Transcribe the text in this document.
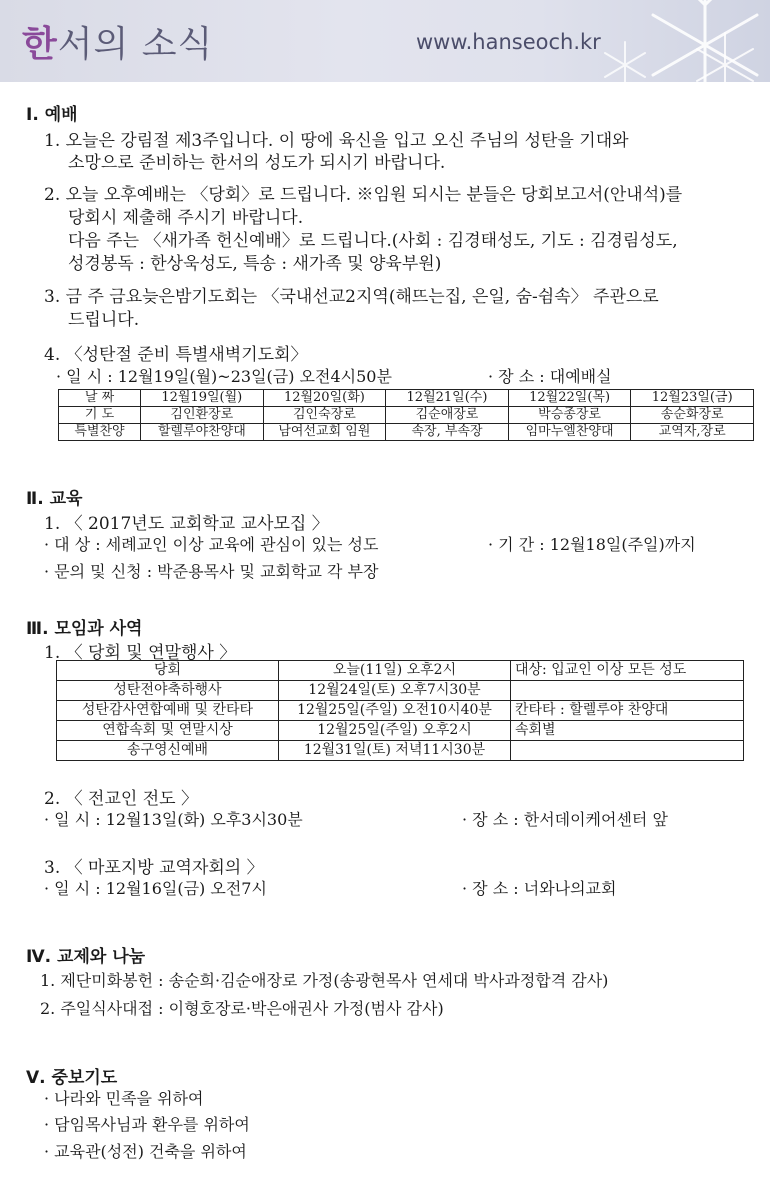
한서의 소식	www.hanseoch.kr
Ⅰ. 예배
1. 오늘은 강림절 제3주입니다. 이 땅에 육신을 입고 오신 주님의 성탄을 기대와
소망으로 준비하는 한서의 성도가 되시기 바랍니다.
2. 오늘 오후예배는 〈당회〉로 드립니다. ※임원 되시는 분들은 당회보고서(안내석)를
당회시 제출해 주시기 바랍니다.
다음 주는 〈새가족 헌신예배〉로 드립니다.(사회 : 김경태성도, 기도 : 김경림성도,
성경봉독 : 한상욱성도, 특송 : 새가족 및 양육부원)
3. 금 주 금요늦은밤기도회는 〈국내선교2지역(해뜨는집, 은일, 숨-쉼속〉 주관으로
드립니다.
4. 〈성탄절 준비 특별새벽기도회〉
· 일 시 : 12월19일(월)~23일(금) 오전4시50분	· 장 소 : 대예배실
날 짜	12월19일(월)	12월20일(화)	12월21일(수)	12월22일(목)	12월23일(금)
기 도	김인환장로	김인숙장로	김순애장로	박승종장로	송순화장로
특별찬양	할렐루야찬양대	남여선교회 임원	속장, 부속장	임마누엘찬양대	교역자,장로
Ⅱ. 교육
1. 〈 2017년도 교회학교 교사모집 〉
· 대 상 : 세례교인 이상 교육에 관심이 있는 성도	· 기 간 : 12월18일(주일)까지
· 문의 및 신청 : 박준용목사 및 교회학교 각 부장
Ⅲ. 모임과 사역
1. 〈 당회 및 연말행사 〉
당회	오늘(11일) 오후2시	대상: 입교인 이상 모든 성도
성탄전야축하행사	12월24일(토) 오후7시30분	
성탄감사연합예배 및 칸타타	12월25일(주일) 오전10시40분	칸타타 : 할렐루야 찬양대
연합속회 및 연말시상	12월25일(주일) 오후2시	속회별
송구영신예배	12월31일(토) 저녁11시30분	
2. 〈 전교인 전도 〉
· 일 시 : 12월13일(화) 오후3시30분	· 장 소 : 한서데이케어센터 앞
3. 〈 마포지방 교역자회의 〉
· 일 시 : 12월16일(금) 오전7시	· 장 소 : 너와나의교회
Ⅳ. 교제와 나눔
1. 제단미화봉헌 : 송순희·김순애장로 가정(송광현목사 연세대 박사과정합격 감사)
2. 주일식사대접 : 이형호장로·박은애권사 가정(범사 감사)
Ⅴ. 중보기도
· 나라와 민족을 위하여
· 담임목사님과 환우를 위하여
· 교육관(성전) 건축을 위하여
